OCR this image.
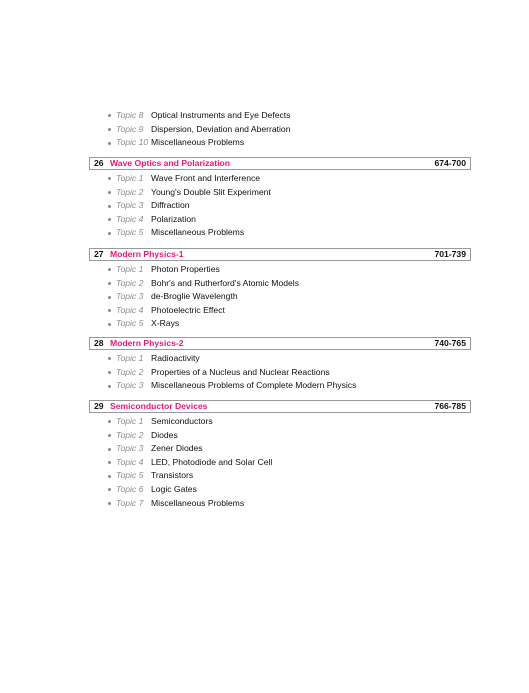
Topic 8 Optical Instruments and Eye Defects
Topic 9 Dispersion, Deviation and Aberration
Topic 10 Miscellaneous Problems
26 Wave Optics and Polarization	674-700
Topic 1 Wave Front and Interference
Topic 2 Young's Double Slit Experiment
Topic 3 Diffraction
Topic 4 Polarization
Topic 5 Miscellaneous Problems
27 Modern Physics-1	701-739
Topic 1 Photon Properties
Topic 2 Bohr's and Rutherford's Atomic Models
Topic 3 de-Broglie Wavelength
Topic 4 Photoelectric Effect
Topic 5 X-Rays
28 Modern Physics-2	740-765
Topic 1 Radioactivity
Topic 2 Properties of a Nucleus and Nuclear Reactions
Topic 3 Miscellaneous Problems of Complete Modern Physics
29 Semiconductor Devices	766-785
Topic 1 Semiconductors
Topic 2 Diodes
Topic 3 Zener Diodes
Topic 4 LED, Photodiode and Solar Cell
Topic 5 Transistors
Topic 6 Logic Gates
Topic 7 Miscellaneous Problems
